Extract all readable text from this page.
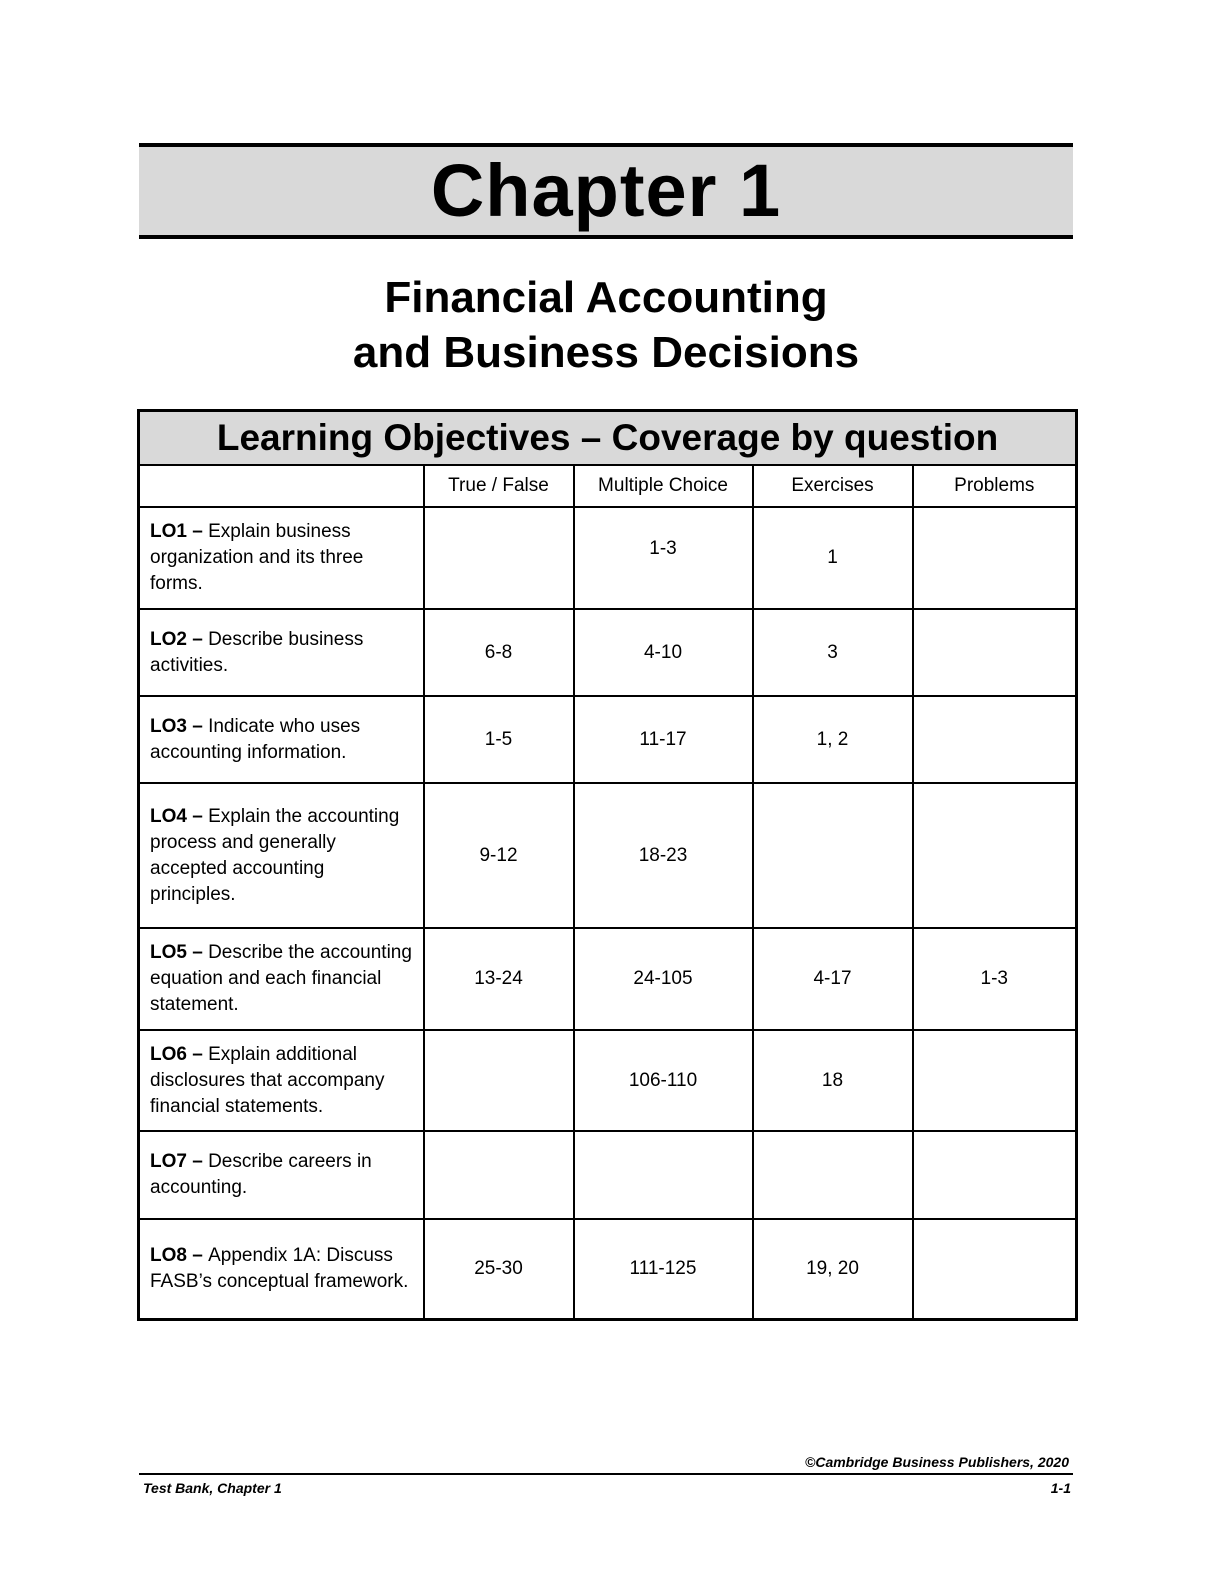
Chapter 1
Financial Accounting
and Business Decisions
Learning Objectives – Coverage by question				
	True / False	Multiple Choice	Exercises	Problems
LO1 – Explain business organization and its three forms.		1-3	1	
LO2 – Describe business activities.	6-8	4-10	3	
LO3 – Indicate who uses accounting information.	1-5	11-17	1, 2	
LO4 – Explain the accounting process and generally accepted accounting principles.	9-12	18-23		
LO5 – Describe the accounting equation and each financial statement.	13-24	24-105	4-17	1-3
LO6 – Explain additional disclosures that accompany financial statements.		106-110	18	
LO7 – Describe careers in accounting.				
LO8 – Appendix 1A: Discuss FASB’s conceptual framework.	25-30	111-125	19, 20	
©Cambridge Business Publishers, 2020
Test Bank, Chapter 1	1-1
